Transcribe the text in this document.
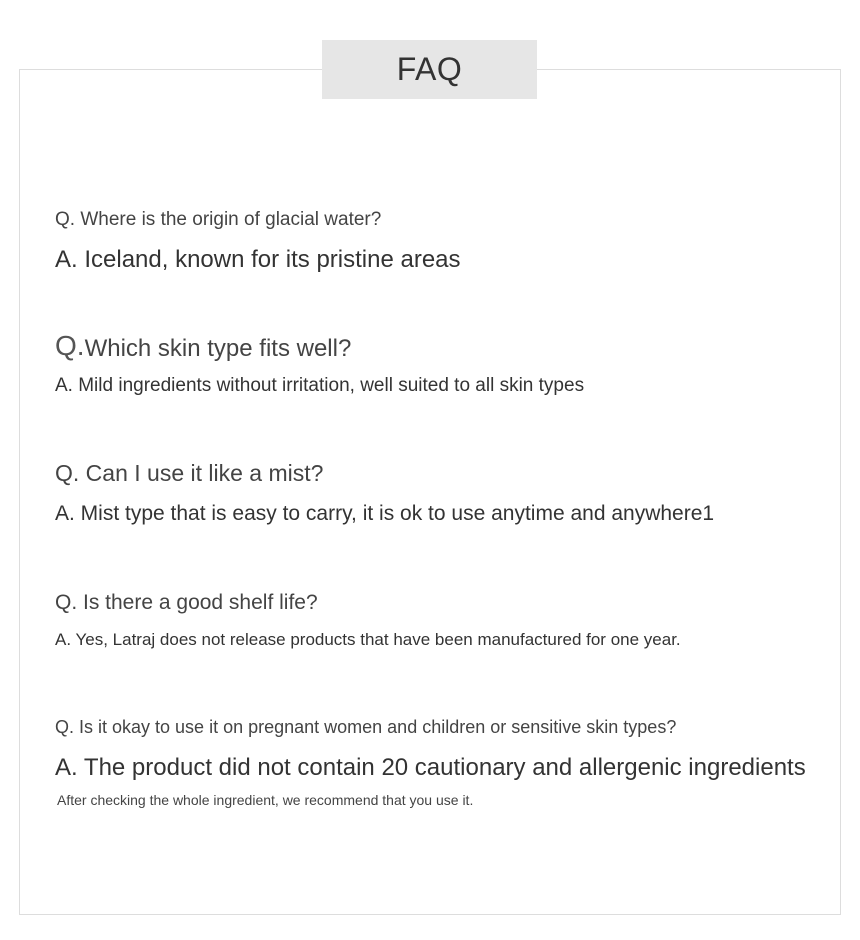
FAQ
Q. Where is the origin of glacial water?
A. Iceland, known for its pristine areas
Q.Which skin type fits well?
A. Mild ingredients without irritation, well suited to all skin types
Q. Can I use it like a mist?
A. Mist type that is easy to carry, it is ok to use anytime and anywhere1
Q. Is there a good shelf life?
A. Yes, Latraj does not release products that have been manufactured for one year.
Q. Is it okay to use it on pregnant women and children or sensitive skin types?
A. The product did not contain 20 cautionary and allergenic ingredients
After checking the whole ingredient, we recommend that you use it.
